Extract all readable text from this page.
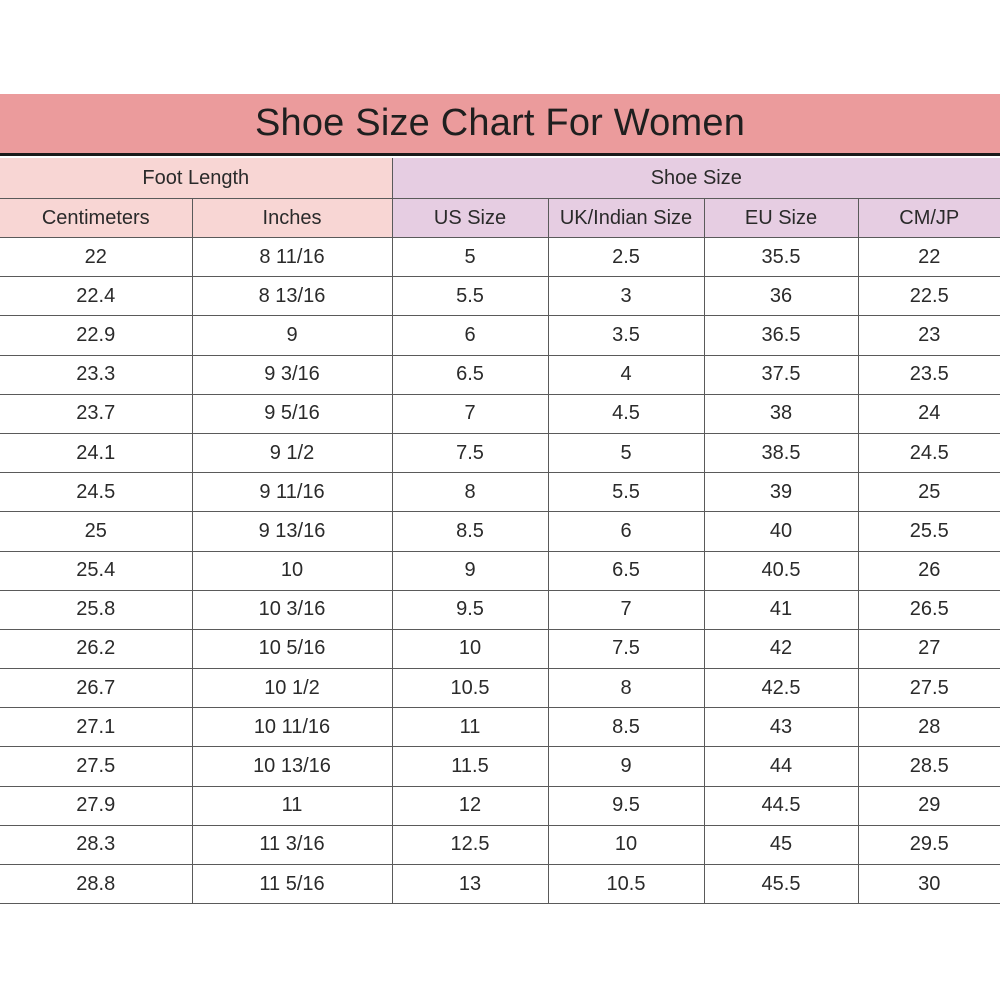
Shoe Size Chart For Women
Foot Length		Shoe Size			
Centimeters	Inches	US Size	UK/Indian Size	EU Size	CM/JP
22	8 11/16	5	2.5	35.5	22
22.4	8 13/16	5.5	3	36	22.5
22.9	9	6	3.5	36.5	23
23.3	9 3/16	6.5	4	37.5	23.5
23.7	9 5/16	7	4.5	38	24
24.1	9 1/2	7.5	5	38.5	24.5
24.5	9 11/16	8	5.5	39	25
25	9 13/16	8.5	6	40	25.5
25.4	10	9	6.5	40.5	26
25.8	10 3/16	9.5	7	41	26.5
26.2	10 5/16	10	7.5	42	27
26.7	10 1/2	10.5	8	42.5	27.5
27.1	10 11/16	11	8.5	43	28
27.5	10 13/16	11.5	9	44	28.5
27.9	11	12	9.5	44.5	29
28.3	11 3/16	12.5	10	45	29.5
28.8	11 5/16	13	10.5	45.5	30
